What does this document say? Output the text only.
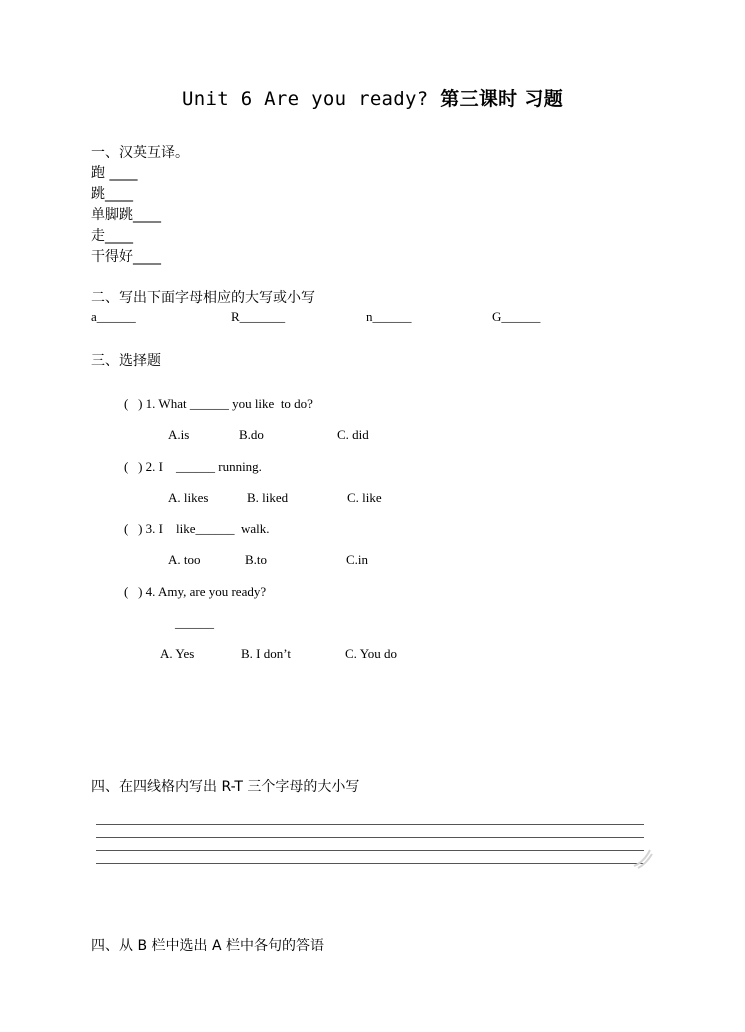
Unit 6 Are you ready? 第三课时 习题
一、汉英互译。
跑 ____
跳____
单脚跳____
走____
干得好____
二、写出下面字母相应的大写或小写
a______	R_______	n______	G______
三、选择题
(   ) 1. What ______ you like  to do?
A.is	B.do	C. did
(   ) 2. I    ______ running.
A. likes	B. liked	C. like
(   ) 3. I    like______  walk.
A. too	B.to	C.in
(   ) 4. Amy, are you ready?
______
A. Yes	B. I don’t	C. You do
四、在四线格内写出 R-T 三个字母的大小写
四、从 B 栏中选出 A 栏中各句的答语
